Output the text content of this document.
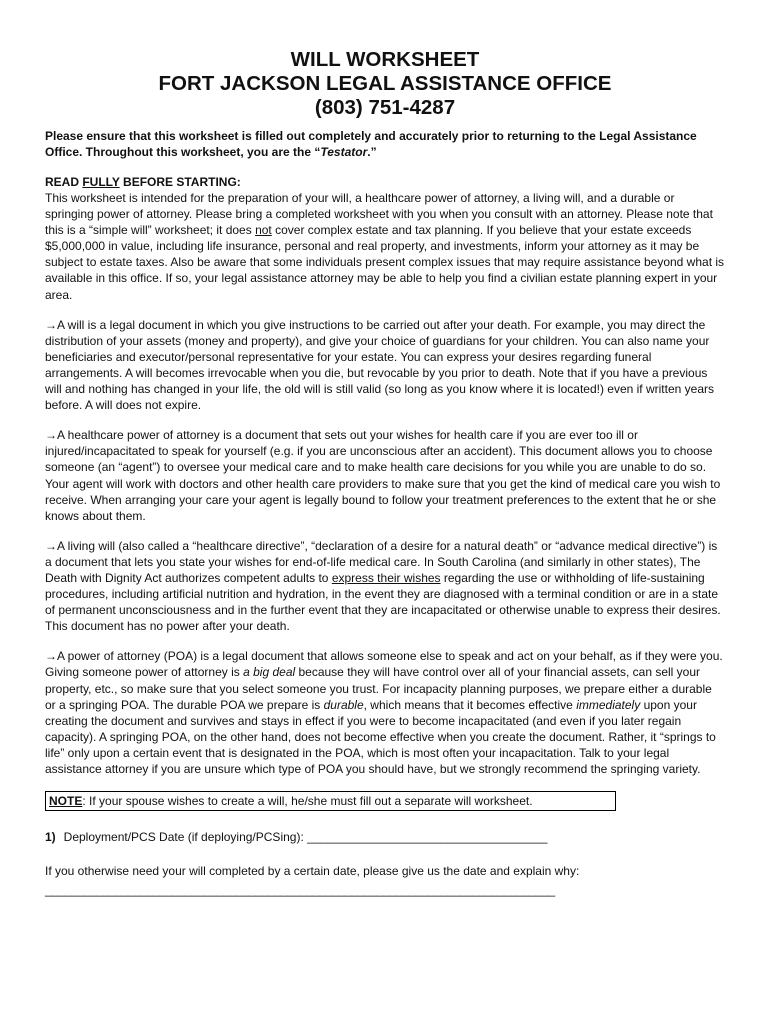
WILL WORKSHEET
FORT JACKSON LEGAL ASSISTANCE OFFICE
(803) 751-4287
Please ensure that this worksheet is filled out completely and accurately prior to returning to the Legal Assistance Office. Throughout this worksheet, you are the “Testator.”
READ FULLY BEFORE STARTING:
This worksheet is intended for the preparation of your will, a healthcare power of attorney, a living will, and a durable or springing power of attorney. Please bring a completed worksheet with you when you consult with an attorney. Please note that this is a “simple will” worksheet; it does not cover complex estate and tax planning. If you believe that your estate exceeds $5,000,000 in value, including life insurance, personal and real property, and investments, inform your attorney as it may be subject to estate taxes. Also be aware that some individuals present complex issues that may require assistance beyond what is available in this office. If so, your legal assistance attorney may be able to help you find a civilian estate planning expert in your area.
→A will is a legal document in which you give instructions to be carried out after your death. For example, you may direct the distribution of your assets (money and property), and give your choice of guardians for your children. You can also name your beneficiaries and executor/personal representative for your estate. You can express your desires regarding funeral arrangements. A will becomes irrevocable when you die, but revocable by you prior to death. Note that if you have a previous will and nothing has changed in your life, the old will is still valid (so long as you know where it is located!) even if written years before. A will does not expire.
→A healthcare power of attorney is a document that sets out your wishes for health care if you are ever too ill or injured/incapacitated to speak for yourself (e.g. if you are unconscious after an accident). This document allows you to choose someone (an “agent”) to oversee your medical care and to make health care decisions for you while you are unable to do so. Your agent will work with doctors and other health care providers to make sure that you get the kind of medical care you wish to receive. When arranging your care your agent is legally bound to follow your treatment preferences to the extent that he or she knows about them.
→A living will (also called a “healthcare directive”, “declaration of a desire for a natural death” or “advance medical directive”) is a document that lets you state your wishes for end-of-life medical care. In South Carolina (and similarly in other states), The Death with Dignity Act authorizes competent adults to express their wishes regarding the use or withholding of life-sustaining procedures, including artificial nutrition and hydration, in the event they are diagnosed with a terminal condition or are in a state of permanent unconsciousness and in the further event that they are incapacitated or otherwise unable to express their desires. This document has no power after your death.
→A power of attorney (POA) is a legal document that allows someone else to speak and act on your behalf, as if they were you. Giving someone power of attorney is a big deal because they will have control over all of your financial assets, can sell your property, etc., so make sure that you select someone you trust. For incapacity planning purposes, we prepare either a durable or a springing POA. The durable POA we prepare is durable, which means that it becomes effective immediately upon your creating the document and survives and stays in effect if you were to become incapacitated (and even if you later regain capacity). A springing POA, on the other hand, does not become effective when you create the document. Rather, it “springs to life” only upon a certain event that is designated in the POA, which is most often your incapacitation. Talk to your legal assistance attorney if you are unsure which type of POA you should have, but we strongly recommend the springing variety.
NOTE: If your spouse wishes to create a will, he/she must fill out a separate will worksheet.
1) Deployment/PCS Date (if deploying/PCSing): ____________________________________
If you otherwise need your will completed by a certain date, please give us the date and explain why:
________________________________________________________________________________
